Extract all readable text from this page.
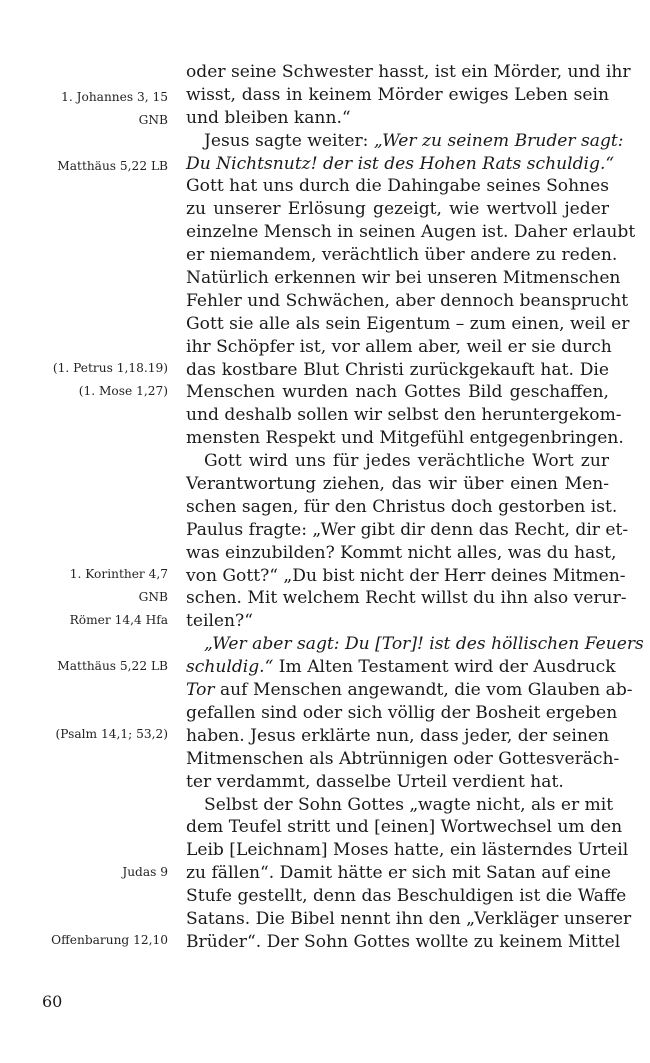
1. Johannes 3, 15
GNB
Matthäus 5,22 LB
(1. Petrus 1,18.19)
(1. Mose 1,27)
1. Korinther 4,7
GNB
Römer 14,4 Hfa
Matthäus 5,22 LB
(Psalm 14,1; 53,2)
Judas 9
Offenbarung 12,10
oder seine Schwester hasst, ist ein Mörder, und ihr
wisst, dass in keinem Mörder ewiges Leben sein
und bleiben kann.“
Jesus sagte weiter: „Wer zu seinem Bruder sagt:
Du Nichtsnutz! der ist des Hohen Rats schuldig.“
Gott hat uns durch die Dahingabe seines Sohnes
zu unserer Erlösung gezeigt, wie wertvoll jeder
einzelne Mensch in seinen Augen ist. Daher erlaubt
er niemandem, verächtlich über andere zu reden.
Natürlich erkennen wir bei unseren Mitmenschen
Fehler und Schwächen, aber dennoch beansprucht
Gott sie alle als sein Eigentum – zum einen, weil er
ihr Schöpfer ist, vor allem aber, weil er sie durch
das kostbare Blut Christi zurückgekauft hat. Die
Menschen wurden nach Gottes Bild geschaffen,
und deshalb sollen wir selbst den heruntergekom-
mensten Respekt und Mitgefühl entgegenbringen.
Gott wird uns für jedes verächtliche Wort zur
Verantwortung ziehen, das wir über einen Men-
schen sagen, für den Christus doch gestorben ist.
Paulus fragte: „Wer gibt dir denn das Recht, dir et-
was einzubilden? Kommt nicht alles, was du hast,
von Gott?“ „Du bist nicht der Herr deines Mitmen-
schen. Mit welchem Recht willst du ihn also verur-
teilen?“
„Wer aber sagt: Du [Tor]! ist des höllischen Feuers
schuldig.“ Im Alten Testament wird der Ausdruck
Tor auf Menschen angewandt, die vom Glauben ab-
gefallen sind oder sich völlig der Bosheit ergeben
haben. Jesus erklärte nun, dass jeder, der seinen
Mitmenschen als Abtrünnigen oder Gottesveräch-
ter verdammt, dasselbe Urteil verdient hat.
Selbst der Sohn Gottes „wagte nicht, als er mit
dem Teufel stritt und [einen] Wortwechsel um den
Leib [Leichnam] Moses hatte, ein lästerndes Urteil
zu fällen“. Damit hätte er sich mit Satan auf eine
Stufe gestellt, denn das Beschuldigen ist die Waffe
Satans. Die Bibel nennt ihn den „Verkläger unserer
Brüder“. Der Sohn Gottes wollte zu keinem Mittel
60
